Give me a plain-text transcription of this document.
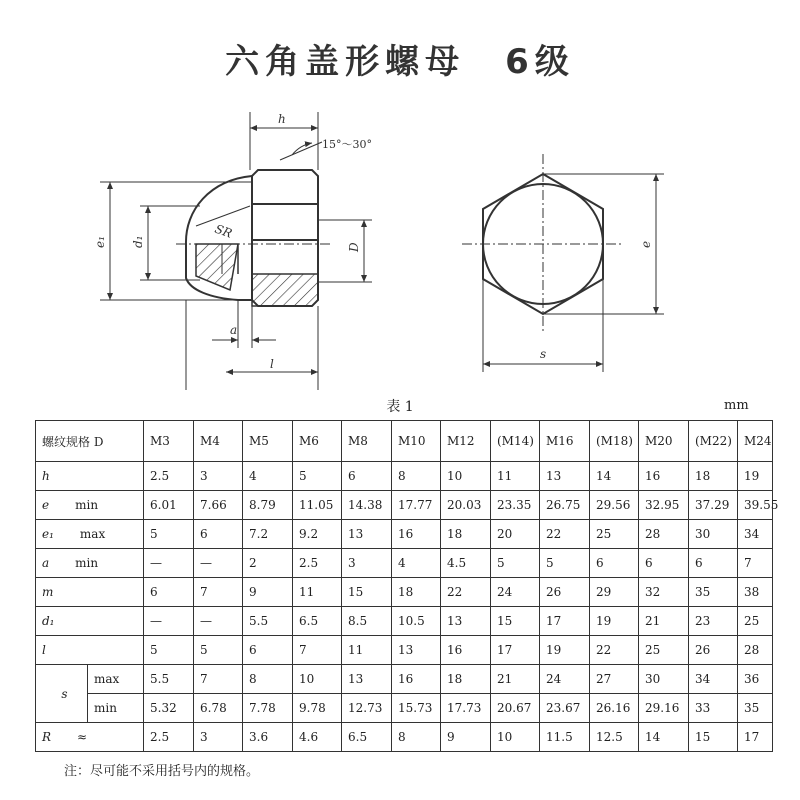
六角盖形螺母 6级
h
15°～30°
SR
e₁ d₁	D
a
l
e
s
表 1	mm
螺纹规格 D		M3	M4	M5	M6	M8	M10	M12	(M14)	M16	(M18)	M20	(M22)	M24
h		2.5	3	4	5	6	8	10	11	13	14	16	18	19
e min		6.01	7.66	8.79	11.05	14.38	17.77	20.03	23.35	26.75	29.56	32.95	37.29	39.55
e₁ max		5	6	7.2	9.2	13	16	18	20	22	25	28	30	34
a min		—	—	2	2.5	3	4	4.5	5	5	6	6	6	7
m		6	7	9	11	15	18	22	24	26	29	32	35	38
d₁		—	—	5.5	6.5	8.5	10.5	13	15	17	19	21	23	25
l		5	5	6	7	11	13	16	17	19	22	25	26	28
s	max	5.5	7	8	10	13	16	18	21	24	27	30	34	36
	min	5.32	6.78	7.78	9.78	12.73	15.73	17.73	20.67	23.67	26.16	29.16	33	35
R ≈		2.5	3	3.6	4.6	6.5	8	9	10	11.5	12.5	14	15	17
注：尽可能不采用括号内的规格。
